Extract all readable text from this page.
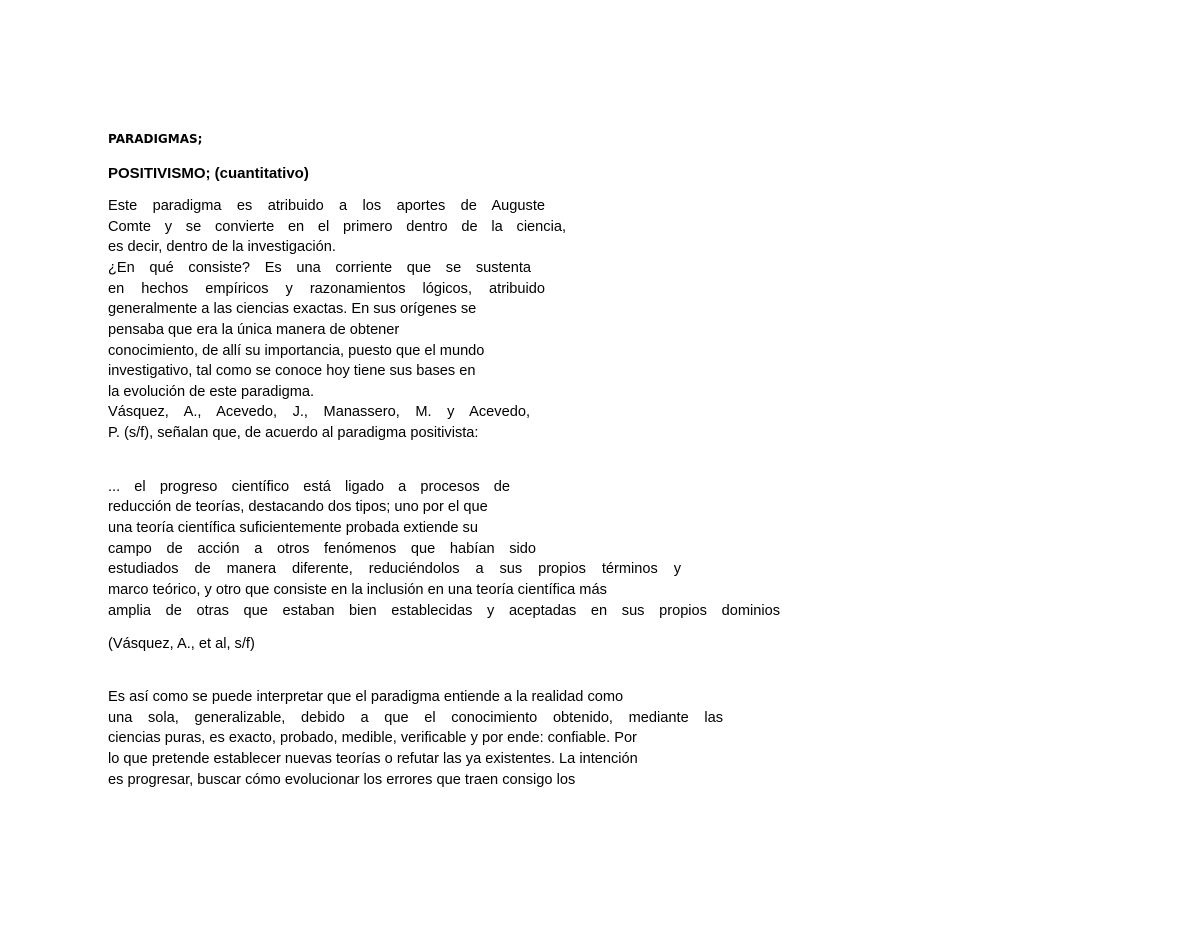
PARADIGMAS;
POSITIVISMO; (cuantitativo)
Este paradigma es atribuido a los aportes de Auguste
Comte y se convierte en el primero dentro de la ciencia,
es decir, dentro de la investigación.
¿En qué consiste? Es una corriente que se sustenta
en hechos empíricos y razonamientos lógicos, atribuido
generalmente a las ciencias exactas. En sus orígenes se
pensaba que era la única manera de obtener
conocimiento, de allí su importancia, puesto que el mundo
investigativo, tal como se conoce hoy tiene sus bases en
la evolución de este paradigma.
Vásquez, A., Acevedo, J., Manassero, M. y Acevedo,
P. (s/f), señalan que, de acuerdo al paradigma positivista:
... el progreso científico está ligado a procesos de
reducción de teorías, destacando dos tipos; uno por el que
una teoría científica suficientemente probada extiende su
campo de acción a otros fenómenos que habían sido
estudiados de manera diferente, reduciéndolos a sus propios términos y
marco teórico, y otro que consiste en la inclusión en una teoría científica más
amplia de otras que estaban bien establecidas y aceptadas en sus propios dominios
(Vásquez, A., et al, s/f)
Es así como se puede interpretar que el paradigma entiende a la realidad como
una sola, generalizable, debido a que el conocimiento obtenido, mediante las
ciencias puras, es exacto, probado, medible, verificable y por ende: confiable. Por
lo que pretende establecer nuevas teorías o refutar las ya existentes. La intención
es progresar, buscar cómo evolucionar los errores que traen consigo los
